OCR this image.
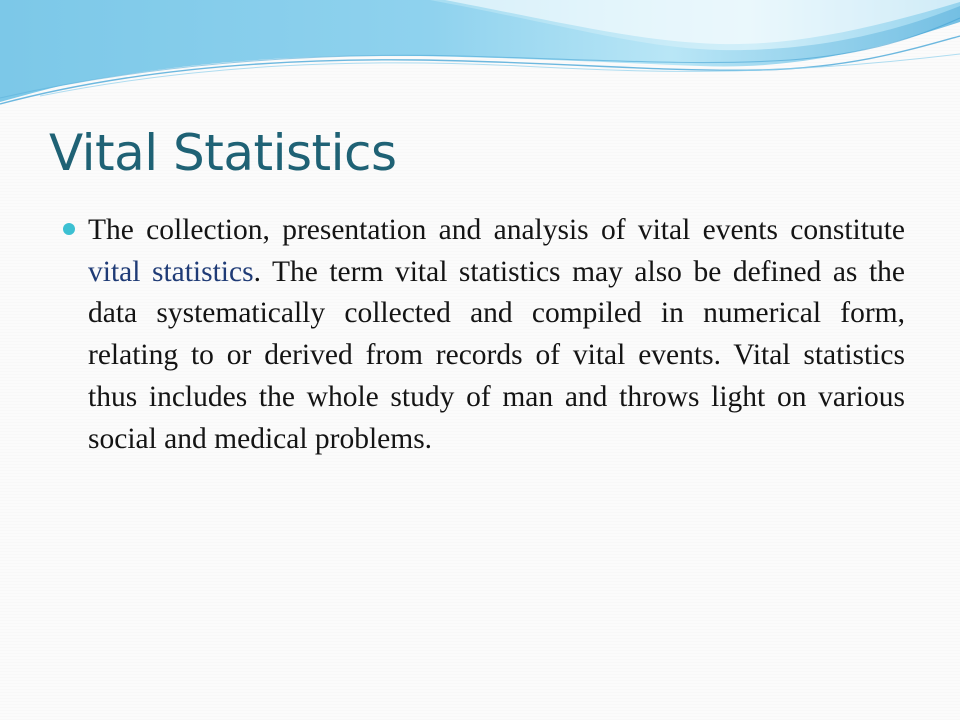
Vital Statistics

The collection, presentation and analysis of vital events constitute vital statistics. The term vital statistics may also be defined as the data systematically collected and compiled in numerical form, relating to or derived from records of vital events. Vital statistics thus includes the whole study of man and throws light on various social and medical problems.
